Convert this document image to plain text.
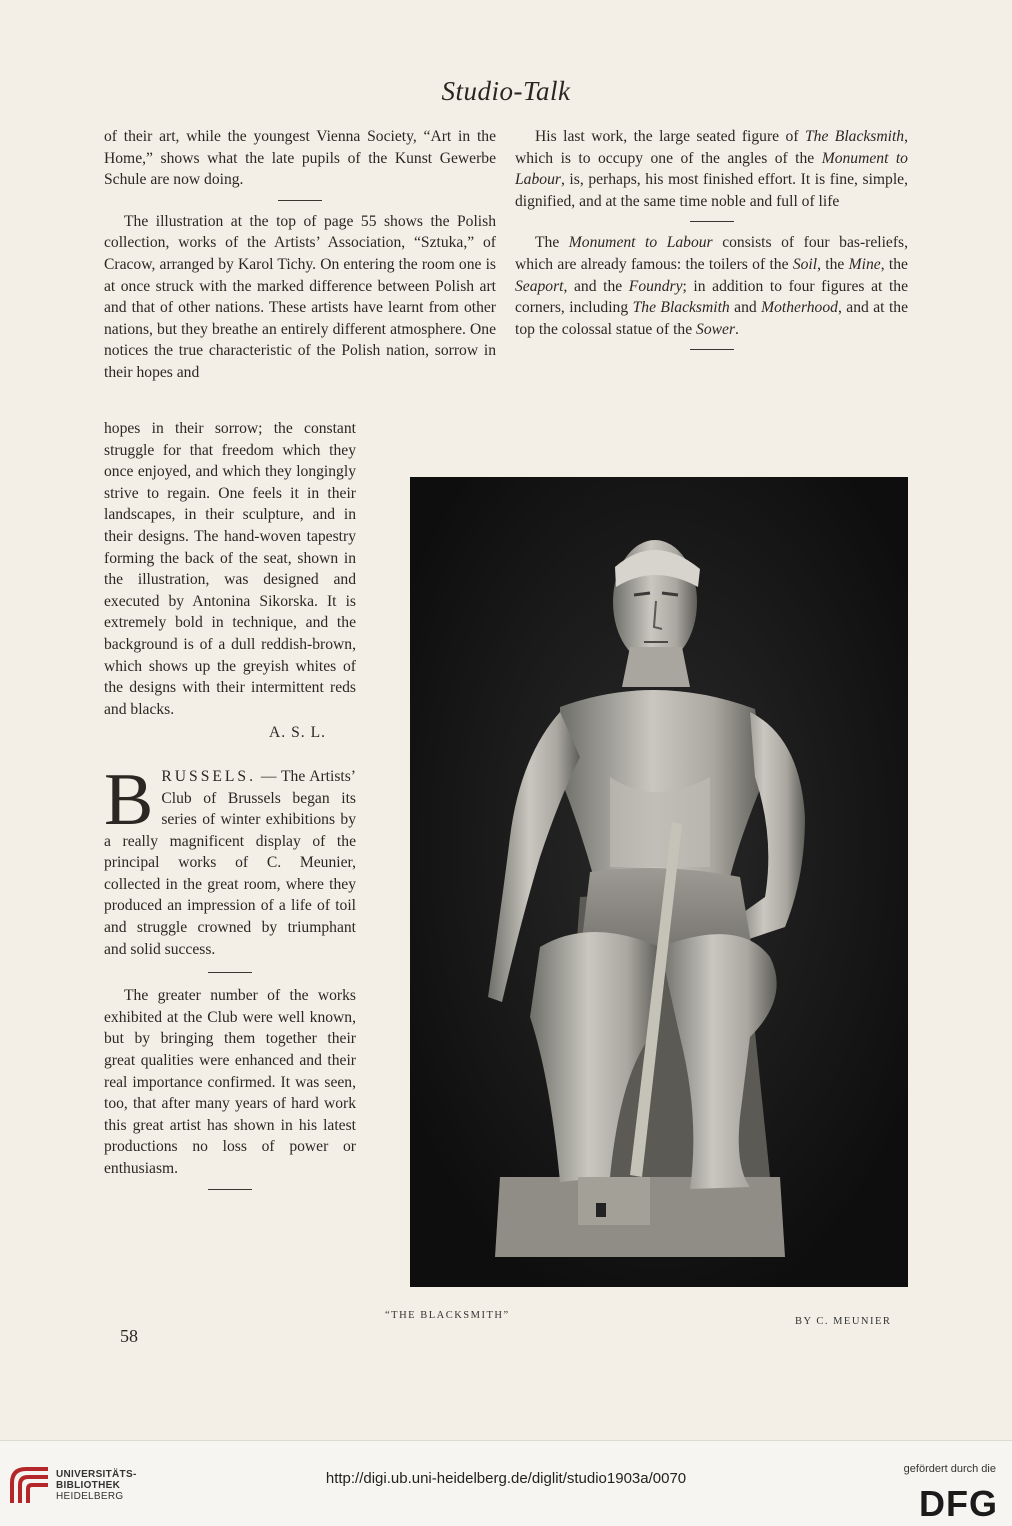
Studio-Talk

of their art, while the youngest Vienna Society, “Art in the Home,” shows what the late pupils of the Kunst Gewerbe Schule are now doing.

The illustration at the top of page 55 shows the Polish collection, works of the Artists’ Association, “Sztuka,” of Cracow, arranged by Karol Tichy. On entering the room one is at once struck with the marked difference between Polish art and that of other nations. These artists have learnt from other nations, but they breathe an entirely different atmosphere. One notices the true characteristic of the Polish nation, sorrow in their hopes and

hopes in their sorrow; the constant struggle for that freedom which they once enjoyed, and which they longingly strive to regain. One feels it in their landscapes, in their sculpture, and in their designs. The hand-woven tapestry forming the back of the seat, shown in the illustration, was designed and executed by Antonina Sikorska. It is extremely bold in technique, and the background is of a dull reddish-brown, which shows up the greyish whites of the designs with their intermittent reds and blacks.

A. S. L.

BRUSSELS. — The Artists’ Club of Brussels began its series of winter exhibitions by a really magnificent display of the principal works of C. Meunier, collected in the great room, where they produced an impression of a life of toil and struggle crowned by triumphant and solid success.

The greater number of the works exhibited at the Club were well known, but by bringing them together their great qualities were enhanced and their real importance confirmed. It was seen, too, that after many years of hard work this great artist has shown in his latest productions no loss of power or enthusiasm.

His last work, the large seated figure of The Blacksmith, which is to occupy one of the angles of the Monument to Labour, is, perhaps, his most finished effort. It is fine, simple, dignified, and at the same time noble and full of life

The Monument to Labour consists of four bas-reliefs, which are already famous: the toilers of the Soil, the Mine, the Seaport, and the Foundry; in addition to four figures at the corners, including The Blacksmith and Motherhood, and at the top the colossal statue of the Sower.

“THE BLACKSMITH”
BY C. MEUNIER
58
UNIVERSITÄTS-
BIBLIOTHEK
HEIDELBERG
http://digi.ub.uni-heidelberg.de/diglit/studio1903a/0070
gefördert durch die
DFG
